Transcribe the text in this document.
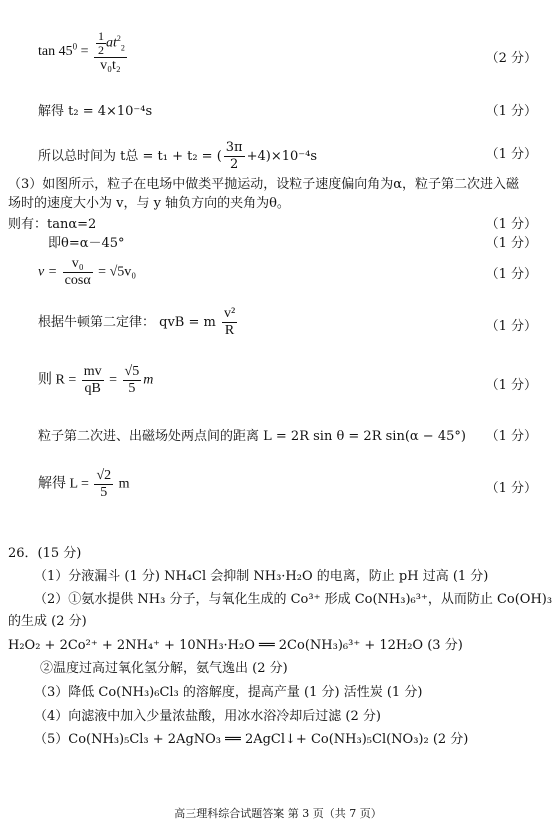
$\tan 45^0 = \frac{\frac{1}{2} at^2_2}{\text{v₀t₂}}$	（2 分）
解得 t₂ = 4×10⁻⁴s	（1 分）
所以总时间为 t总 = t₁ + t₂ = ( $\frac{3\pi}{2} +4)\times 10^{-4}s$	（1 分）
（3）如图所示，粒子在电场中做类平抛运动，设粒子速度偏向角为α，粒子第二次进入磁
场时的速度大小为 v，与 y 轴负方向的夹角为θ。
则有：tanα=2	（1 分）
即θ=α－45°	（1 分）
$v = \frac{\text{v₀}}{\cos\alpha} = √5v_0$	（1 分）
根据牛顿第二定律： qvB = m $\frac{\text{v²}}{R}$	（1 分）
则 $R = \frac{mv}{qB} = \frac{√5}{5}$ m	（1 分）
粒子第二次进、出磁场处两点间的距离 L = 2R sin θ = 2R sin(α − 45°) （1 分）
解得 $L = \frac{√2}{5}$ m	（1 分）
26．(15 分)
（1）分液漏斗 (1 分) NH₄Cl 会抑制 NH₃·H₂O 的电离，防止 pH 过高 (1 分)
（2）①氨水提供 NH₃ 分子，与氧化生成的 Co³⁺ 形成 Co(NH₃)₆³⁺，从而防止 Co(OH)₃
的生成 (2 分)
H₂O₂ + 2Co²⁺ + 2NH₄⁺ + 10NH₃·H₂O ══ 2Co(NH₃)₆³⁺ + 12H₂O (3 分)
②温度过高过氧化氢分解，氨气逸出 (2 分)
（3）降低 Co(NH₃)₆Cl₃ 的溶解度，提高产量 (1 分) 活性炭 (1 分)
（4）向滤液中加入少量浓盐酸，用冰水浴冷却后过滤 (2 分)
（5）Co(NH₃)₅Cl₃ + 2AgNO₃ ══ 2AgCl↓+ Co(NH₃)₅Cl(NO₃)₂ (2 分)
高三理科综合试题答案 第 3 页（共 7 页）
